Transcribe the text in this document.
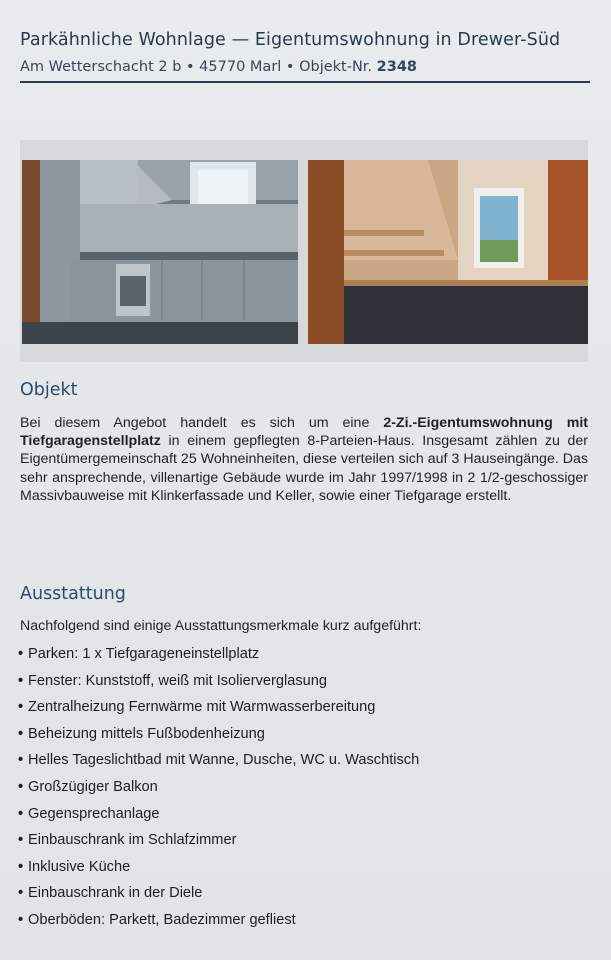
Parkähnliche Wohnlage — Eigentumswohnung in Drewer-Süd
Am Wetterschacht 2 b • 45770 Marl • Objekt-Nr. 2348
Objekt
Bei diesem Angebot handelt es sich um eine 2-Zi.-Eigentumswohnung mit Tiefgaragenstellplatz in einem gepflegten 8-Parteien-Haus. Insgesamt zählen zu der Eigentümergemeinschaft 25 Wohneinheiten, diese verteilen sich auf 3 Hauseingänge. Das sehr ansprechende, villenartige Gebäude wurde im Jahr 1997/1998 in 2 1/2-geschossiger Massivbauweise mit Klinkerfassade und Keller, sowie einer Tiefgarage erstellt.
Ausstattung
Nachfolgend sind einige Ausstattungsmerkmale kurz aufgeführt:
• Parken: 1 x Tiefgarageneinstellplatz
• Fenster: Kunststoff, weiß mit Isolierverglasung
• Zentralheizung Fernwärme mit Warmwasserbereitung
• Beheizung mittels Fußbodenheizung
• Helles Tageslichtbad mit Wanne, Dusche, WC u. Waschtisch
• Großzügiger Balkon
• Gegensprechanlage
• Einbauschrank im Schlafzimmer
• Inklusive Küche
• Einbauschrank in der Diele
• Oberböden: Parkett, Badezimmer gefliest
